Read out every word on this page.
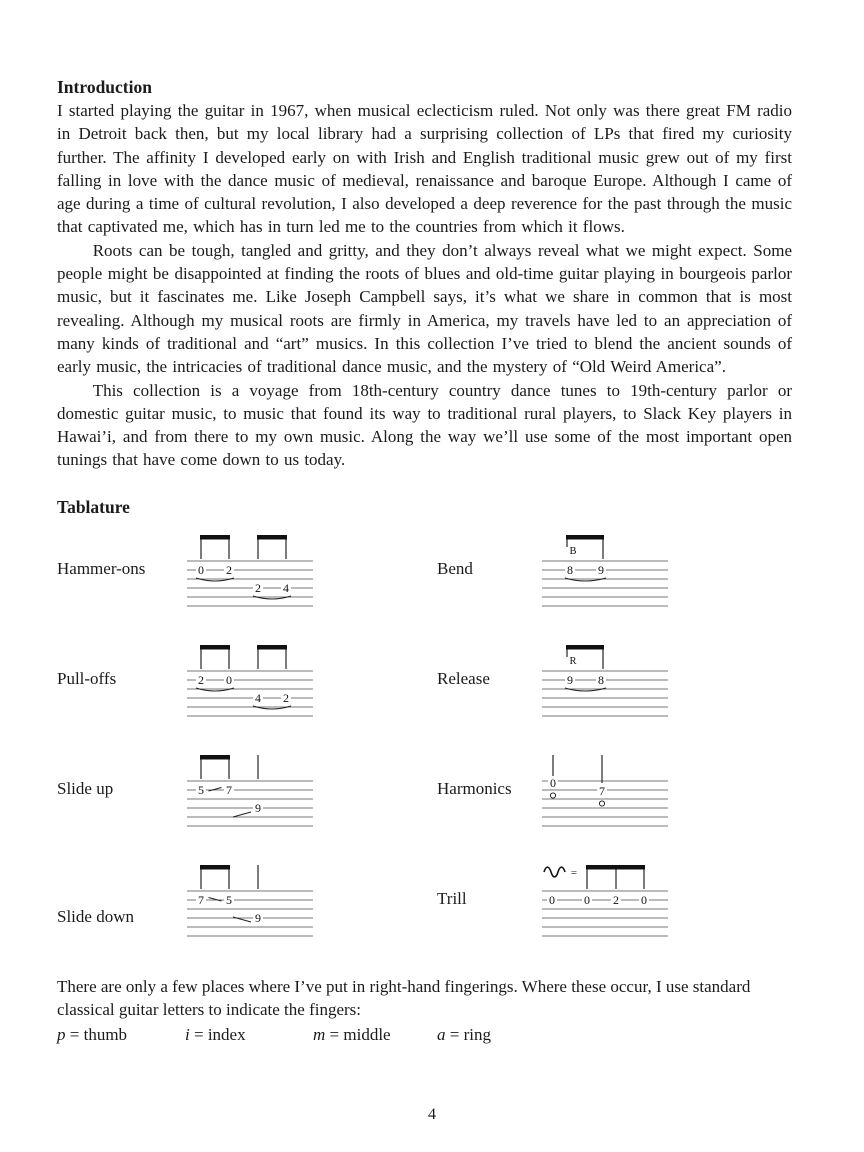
Introduction

I started playing the guitar in 1967, when musical eclecticism ruled. Not only was there great FM radio in Detroit back then, but my local library had a surprising collection of LPs that fired my curiosity further. The affinity I developed early on with Irish and English traditional music grew out of my first falling in love with the dance music of medieval, renaissance and baroque Europe. Although I came of age during a time of cultural revolution, I also developed a deep reverence for the past through the music that captivated me, which has in turn led me to the countries from which it flows.

Roots can be tough, tangled and gritty, and they don’t always reveal what we might expect. Some people might be disappointed at finding the roots of blues and old-time guitar playing in bourgeois parlor music, but it fascinates me. Like Joseph Campbell says, it’s what we share in common that is most revealing. Although my musical roots are firmly in America, my travels have led to an appreciation of many kinds of traditional and “art” musics. In this collection I’ve tried to blend the ancient sounds of early music, the intricacies of traditional dance music, and the mystery of “Old Weird America”.

This collection is a voyage from 18th-century country dance tunes to 19th-century parlor or domestic guitar music, to music that found its way to traditional rural players, to Slack Key players in Hawai’i, and from there to my own music. Along the way we’ll use some of the most important open tunings that have come down to us today.

Tablature
Hammer-ons	0 2
2 4
Bend
B
8 9
Pull-offs	2 0
4 2
Release
R
9 8
Slide up	5 7
9
Harmonics	0
7
Slide down
7 5
9
Trill
=
0 0 2 0

There are only a few places where I’ve put in right-hand fingerings. Where these occur, I use standard classical guitar letters to indicate the fingers:

p = thumb	i = index	m = middle	a = ring
4
